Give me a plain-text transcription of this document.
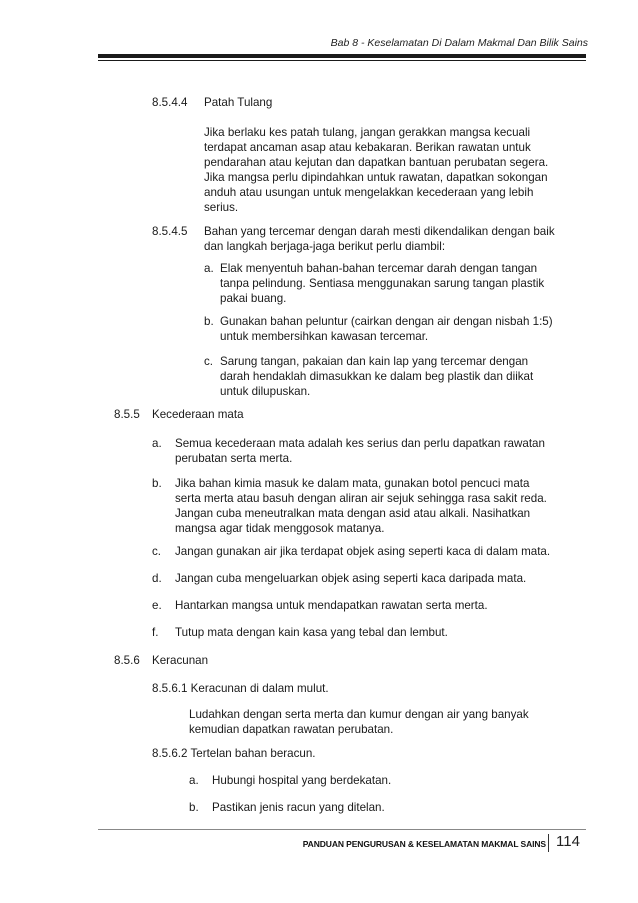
Bab 8 - Keselamatan Di Dalam Makmal Dan Bilik Sains
8.5.4.4 Patah Tulang
Jika berlaku kes patah tulang, jangan gerakkan mangsa kecuali
terdapat ancaman asap atau kebakaran. Berikan rawatan untuk
pendarahan atau kejutan dan dapatkan bantuan perubatan segera.
Jika mangsa perlu dipindahkan untuk rawatan, dapatkan sokongan
anduh atau usungan untuk mengelakkan kecederaan yang lebih
serius.
8.5.4.5 Bahan yang tercemar dengan darah mesti dikendalikan dengan baik
dan langkah berjaga-jaga berikut perlu diambil:
a. Elak menyentuh bahan-bahan tercemar darah dengan tangan
tanpa pelindung. Sentiasa menggunakan sarung tangan plastik
pakai buang.
b. Gunakan bahan peluntur (cairkan dengan air dengan nisbah 1:5)
untuk membersihkan kawasan tercemar.
c. Sarung tangan, pakaian dan kain lap yang tercemar dengan
darah hendaklah dimasukkan ke dalam beg plastik dan diikat
untuk dilupuskan.
8.5.5 Kecederaan mata
a. Semua kecederaan mata adalah kes serius dan perlu dapatkan rawatan
perubatan serta merta.
b. Jika bahan kimia masuk ke dalam mata, gunakan botol pencuci mata
serta merta atau basuh dengan aliran air sejuk sehingga rasa sakit reda.
Jangan cuba meneutralkan mata dengan asid atau alkali. Nasihatkan
mangsa agar tidak menggosok matanya.
c. Jangan gunakan air jika terdapat objek asing seperti kaca di dalam mata.
d. Jangan cuba mengeluarkan objek asing seperti kaca daripada mata.
e. Hantarkan mangsa untuk mendapatkan rawatan serta merta.
f. Tutup mata dengan kain kasa yang tebal dan lembut.
8.5.6 Keracunan
8.5.6.1 Keracunan di dalam mulut.
Ludahkan dengan serta merta dan kumur dengan air yang banyak
kemudian dapatkan rawatan perubatan.
8.5.6.2 Tertelan bahan beracun.
a. Hubungi hospital yang berdekatan.
b. Pastikan jenis racun yang ditelan.
PANDUAN PENGURUSAN & KESELAMATAN MAKMAL SAINS 114
